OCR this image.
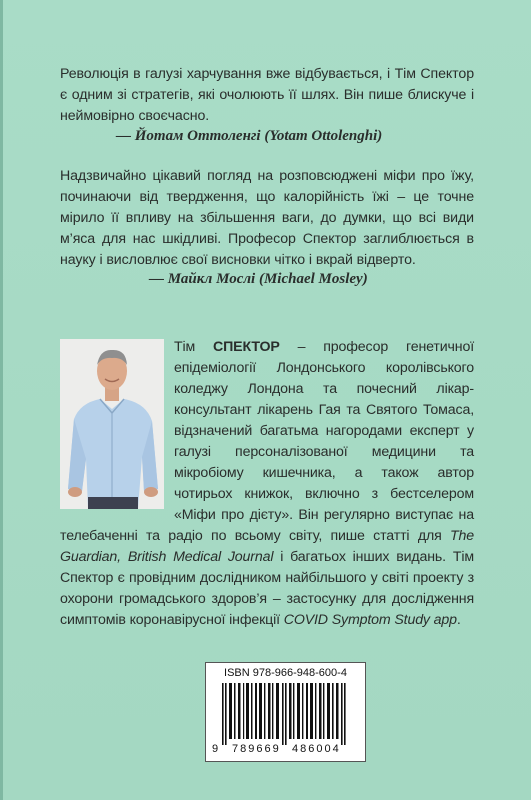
Революція в галузі харчування вже відбувається, і Тім Спектор є одним зі стратегів, які очолюють її шлях. Він пише блискуче і неймовірно своєчасно.
— Йотам Оттоленгі (Yotam Ottolenghi)
Надзвичайно цікавий погляд на розповсюджені міфи про їжу, починаючи від твердження, що калорійність їжі – це точне мірило її впливу на збільшення ваги, до думки, що всі види м’яса для нас шкідливі. Професор Спектор заглиблюється в науку і висловлює свої висновки чітко і вкрай відверто.
— Майкл Мослі (Michael Mosley)
Тім СПЕКТОР – професор генетичної епідеміології Лондонського королівського коледжу Лондона та почесний лікар-консультант лікарень Гая та Святого Томаса, відзначений багатьма нагородами експерт у галузі персоналізованої медицини та мікробіому кишечника, а також автор чотирьох книжок, включно з бестселером «Міфи про дієту». Він регулярно виступає на телебаченні та радіо по всьому світу, пише статті для The Guardian, British Medical Journal і багатьох інших видань. Тім Спектор є провідним дослідником найбільшого у світі проекту з охорони громадського здоров’я – застосунку для дослідження симптомів коронавірусної інфекції COVID Symptom Study app.
ISBN 978-966-948-600-4
9 789669 486004
